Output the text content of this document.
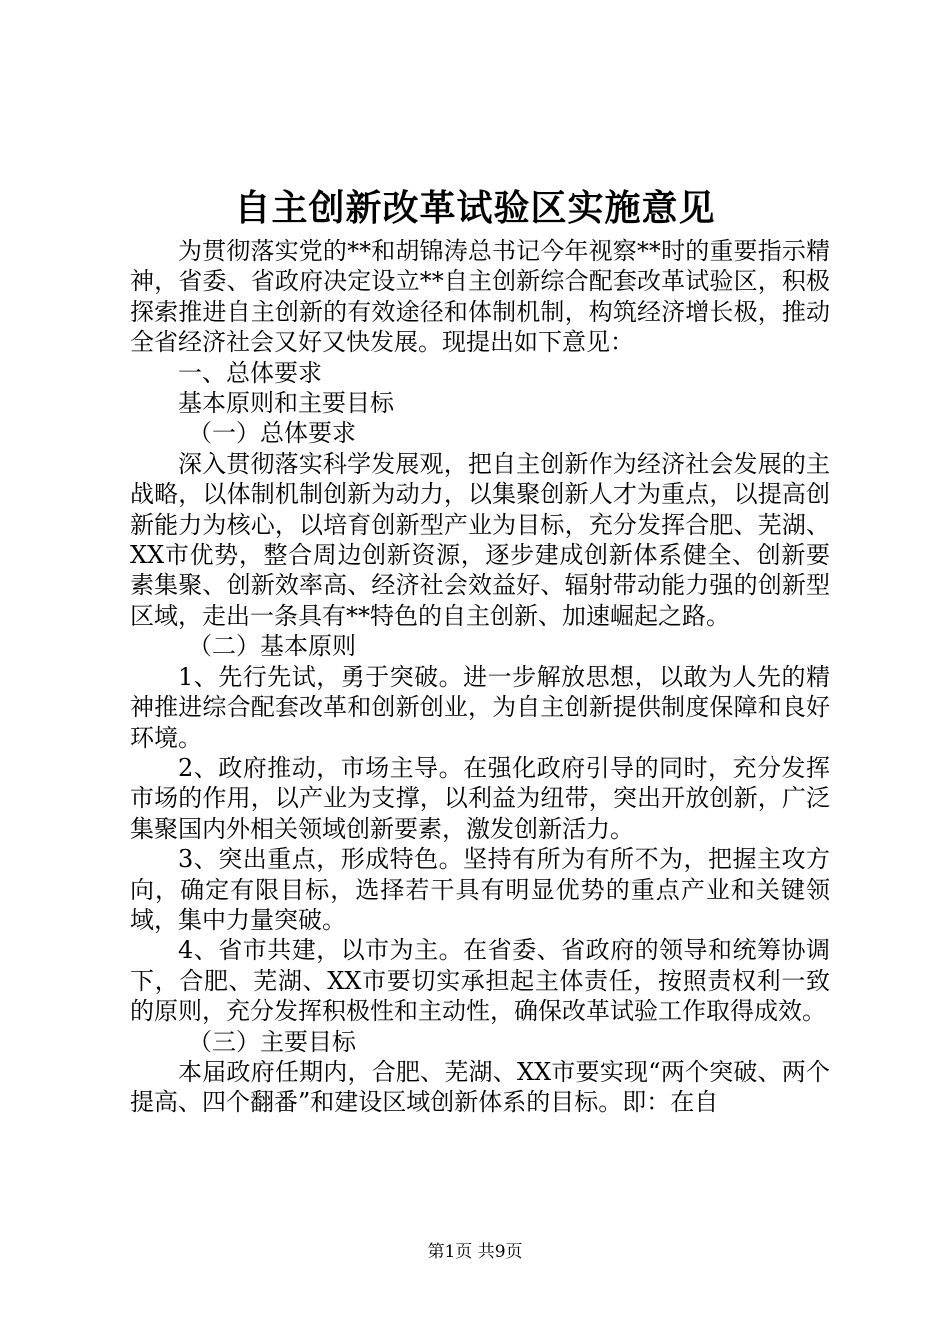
自主创新改革试验区实施意见

为贯彻落实党的**和胡锦涛总书记今年视察**时的重要指示精神，省委、省政府决定设立**自主创新综合配套改革试验区，积极探索推进自主创新的有效途径和体制机制，构筑经济增长极，推动全省经济社会又好又快发展。现提出如下意见：

一、总体要求

基本原则和主要目标

（一）总体要求

深入贯彻落实科学发展观，把自主创新作为经济社会发展的主战略，以体制机制创新为动力，以集聚创新人才为重点，以提高创新能力为核心，以培育创新型产业为目标，充分发挥合肥、芜湖、XX市优势，整合周边创新资源，逐步建成创新体系健全、创新要素集聚、创新效率高、经济社会效益好、辐射带动能力强的创新型区域，走出一条具有**特色的自主创新、加速崛起之路。

（二）基本原则

1、先行先试，勇于突破。进一步解放思想，以敢为人先的精神推进综合配套改革和创新创业，为自主创新提供制度保障和良好环境。

2、政府推动，市场主导。在强化政府引导的同时，充分发挥市场的作用，以产业为支撑，以利益为纽带，突出开放创新，广泛集聚国内外相关领域创新要素，激发创新活力。

3、突出重点，形成特色。坚持有所为有所不为，把握主攻方向，确定有限目标，选择若干具有明显优势的重点产业和关键领域，集中力量突破。

4、省市共建，以市为主。在省委、省政府的领导和统筹协调下，合肥、芜湖、XX市要切实承担起主体责任，按照责权利一致的原则，充分发挥积极性和主动性，确保改革试验工作取得成效。

（三）主要目标

本届政府任期内，合肥、芜湖、XX市要实现“两个突破、两个提高、四个翻番”和建设区域创新体系的目标。即：在自

第1页 共9页
